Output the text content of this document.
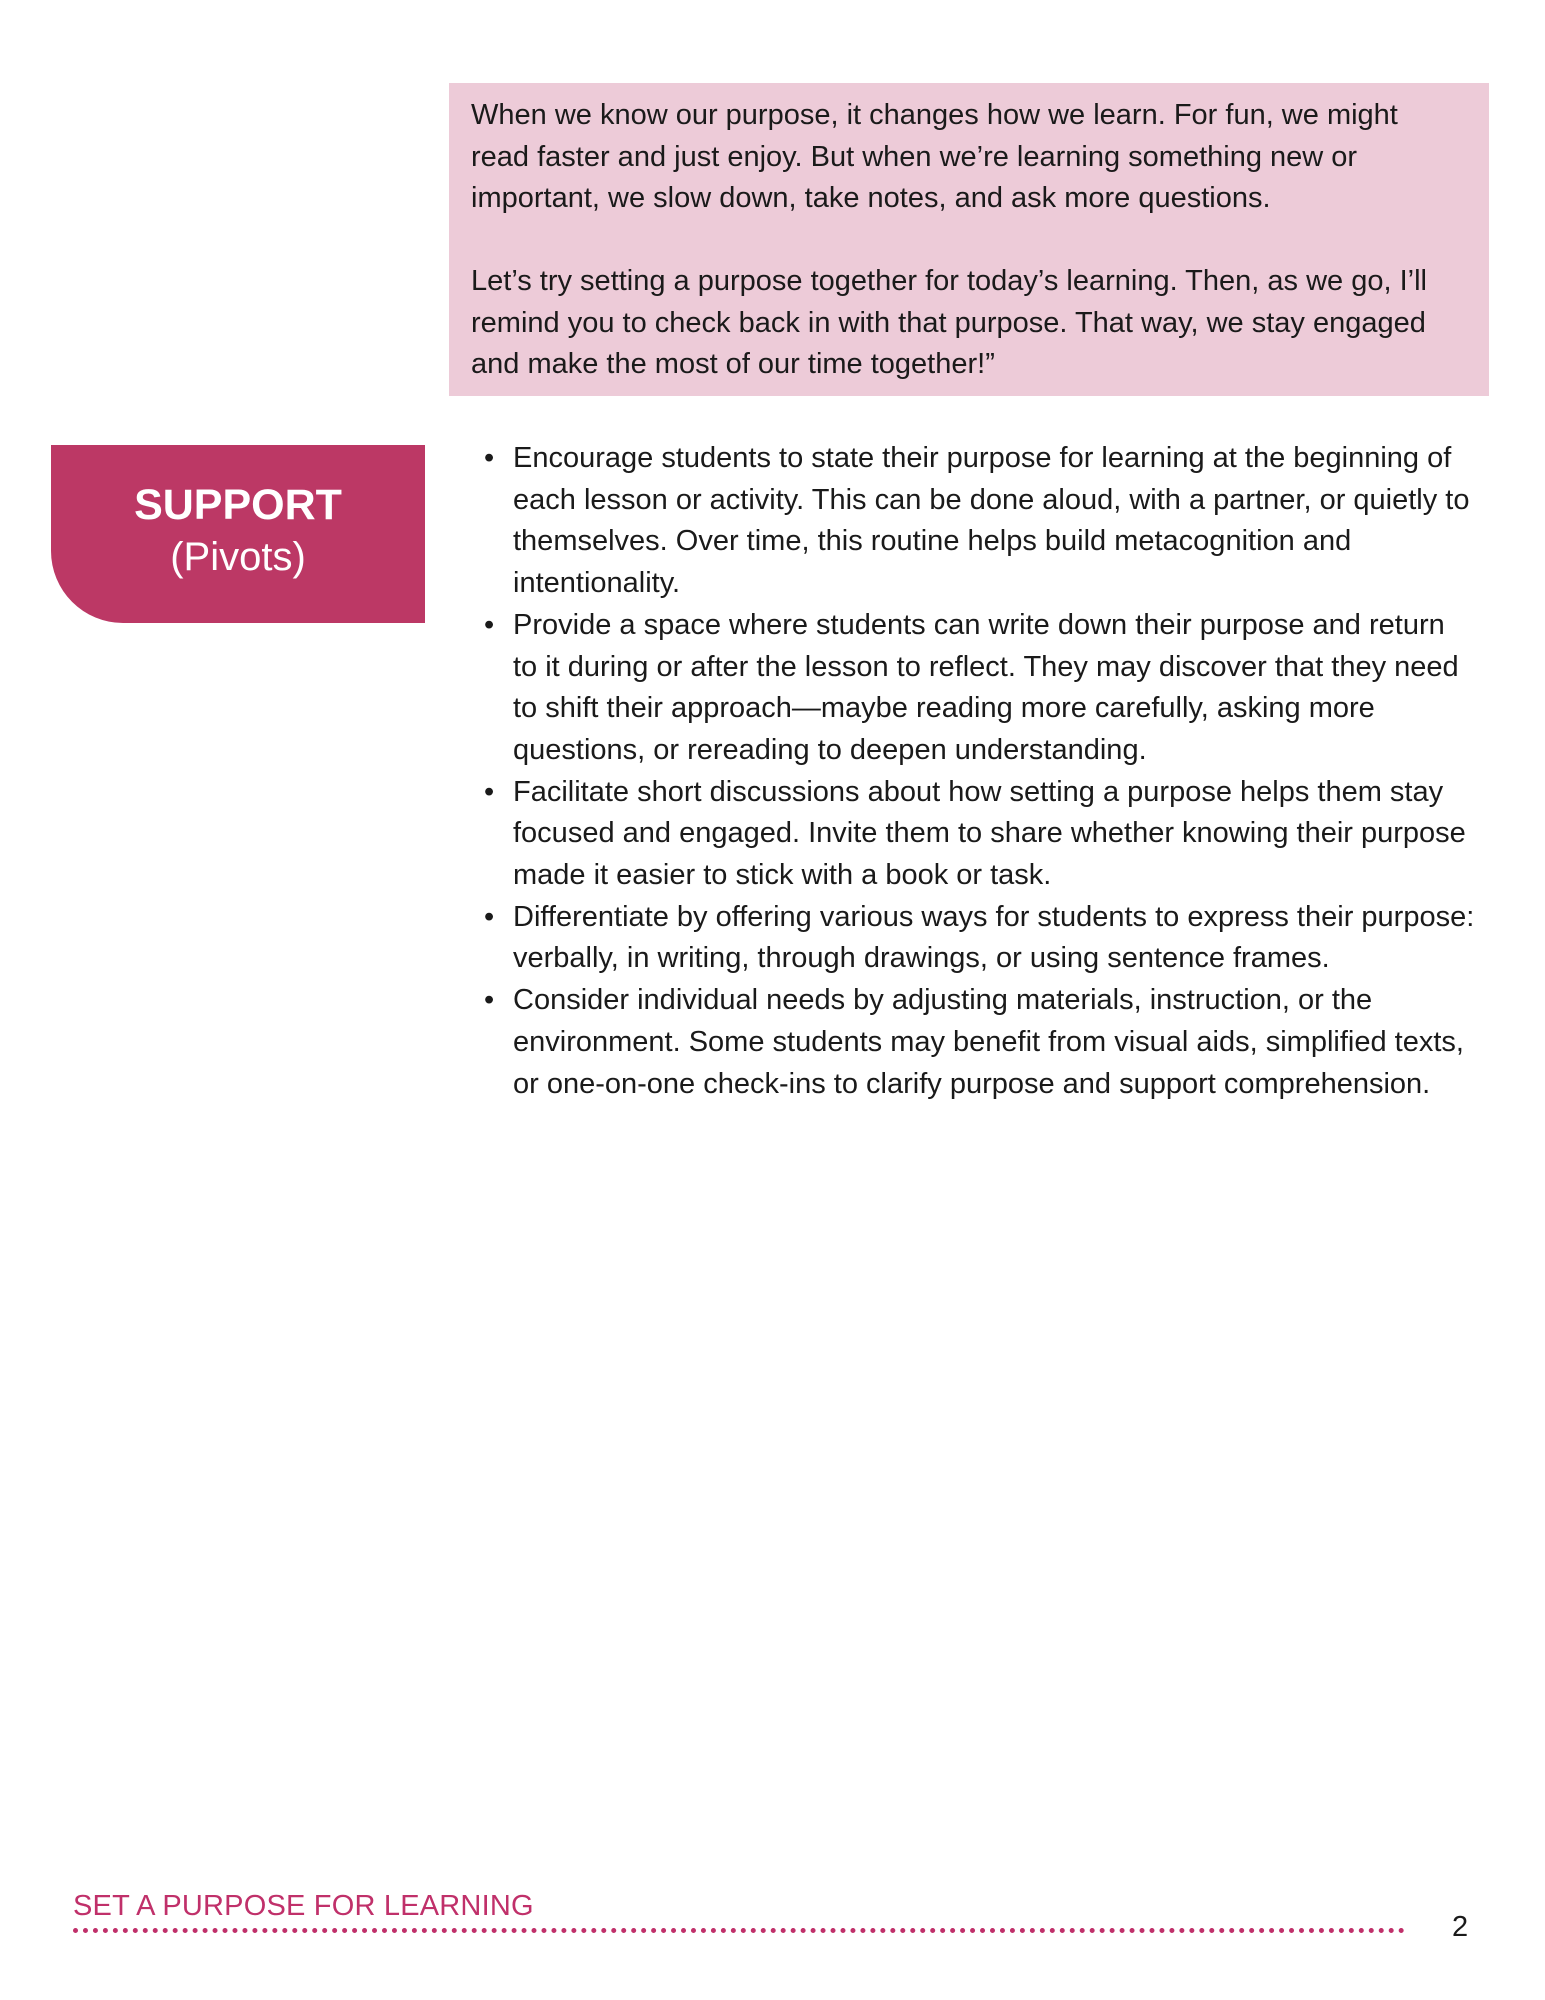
When we know our purpose, it changes how we learn. For fun, we might read faster and just enjoy. But when we’re learning something new or important, we slow down, take notes, and ask more questions.

Let’s try setting a purpose together for today’s learning. Then, as we go, I’ll remind you to check back in with that purpose. That way, we stay engaged and make the most of our time together!”

SUPPORT
(Pivots)
• Encourage students to state their purpose for learning at the beginning of each lesson or activity. This can be done aloud, with a partner, or quietly to themselves. Over time, this routine helps build metacognition and intentionality.
• Provide a space where students can write down their purpose and return to it during or after the lesson to reflect. They may discover that they need to shift their approach—maybe reading more carefully, asking more questions, or rereading to deepen understanding.
• Facilitate short discussions about how setting a purpose helps them stay focused and engaged. Invite them to share whether knowing their purpose made it easier to stick with a book or task.
• Differentiate by offering various ways for students to express their purpose: verbally, in writing, through drawings, or using sentence frames.
• Consider individual needs by adjusting materials, instruction, or the environment. Some students may benefit from visual aids, simplified texts, or one-on-one check-ins to clarify purpose and support comprehension.
SET A PURPOSE FOR LEARNING
2
